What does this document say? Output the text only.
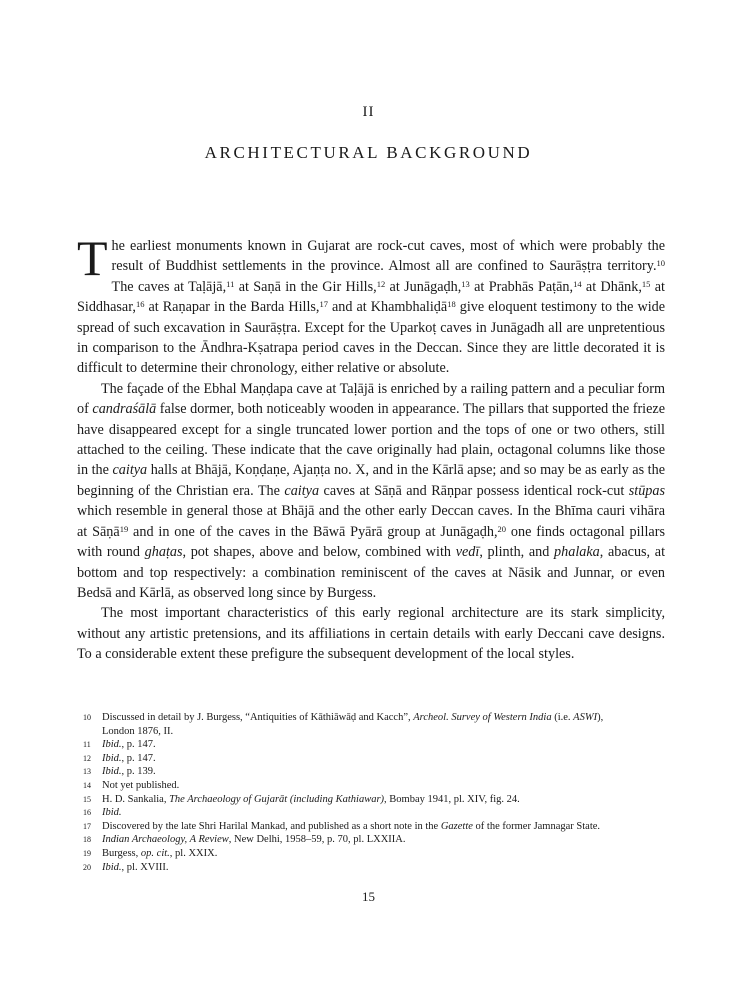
II
ARCHITECTURAL BACKGROUND

The earliest monuments known in Gujarat are rock-cut caves, most of which were probably the result of Buddhist settlements in the province. Almost all are confined to Saurāṣṭra territory.$^{10}$ The caves at Taḷājā,$^{11}$ at Saṇā in the Gir Hills,$^{12}$ at Junāgaḍh,$^{13}$ at Prabhās Paṭān,$^{14}$ at Dhānk,$^{15}$ at Siddhasar,$^{16}$ at Raṇapar in the Barda Hills,$^{17}$ and at Khambhaliḍā$^{18}$ give eloquent testimony to the wide spread of such excavation in Saurāṣṭra. Except for the Uparkoṭ caves in Junāgadh all are unpretentious in comparison to the Āndhra-Kṣatrapa period caves in the Deccan. Since they are little decorated it is difficult to determine their chronology, either relative or absolute.

The façade of the Ebhal Maṇḍapa cave at Taḷājā is enriched by a railing pattern and a peculiar form of candraśālā false dormer, both noticeably wooden in appearance. The pillars that supported the frieze have disappeared except for a single truncated lower portion and the tops of one or two others, still attached to the ceiling. These indicate that the cave originally had plain, octagonal columns like those in the caitya halls at Bhājā, Koṇḍaṇe, Ajaṇṭa no. X, and in the Kārlā apse; and so may be as early as the beginning of the Christian era. The caitya caves at Sāṇā and Rāṇpar possess identical rock-cut stūpas which resemble in general those at Bhājā and the other early Deccan caves. In the Bhīma cauri vihāra at Sāṇā$^{19}$ and in one of the caves in the Bāwā Pyārā group at Junāgaḍh,$^{20}$ one finds octagonal pillars with round ghaṭas, pot shapes, above and below, combined with vedī, plinth, and phalaka, abacus, at bottom and top respectively: a combination reminiscent of the caves at Nāsik and Junnar, or even Bedsā and Kārlā, as observed long since by Burgess.

The most important characteristics of this early regional architecture are its stark simplicity, without any artistic pretensions, and its affiliations in certain details with early Deccani cave designs. To a considerable extent these prefigure the subsequent development of the local styles.

10 Discussed in detail by J. Burgess, “Antiquities of Kāthiāwāḍ and Kacch”, Archeol. Survey of Western India (i.e. ASWI),
London 1876, II.
11 Ibid., p. 147.
12 Ibid., p. 147.
13 Ibid., p. 139.
14 Not yet published.
15 H. D. Sankalia, The Archaeology of Gujarāt (including Kathiawar), Bombay 1941, pl. XIV, fig. 24.
16 Ibid.
17 Discovered by the late Shri Harilal Mankad, and published as a short note in the Gazette of the former Jamnagar State.
18 Indian Archaeology, A Review, New Delhi, 1958–59, p. 70, pl. LXXIIA.
19 Burgess, op. cit., pl. XXIX.
20 Ibid., pl. XVIII.
15
